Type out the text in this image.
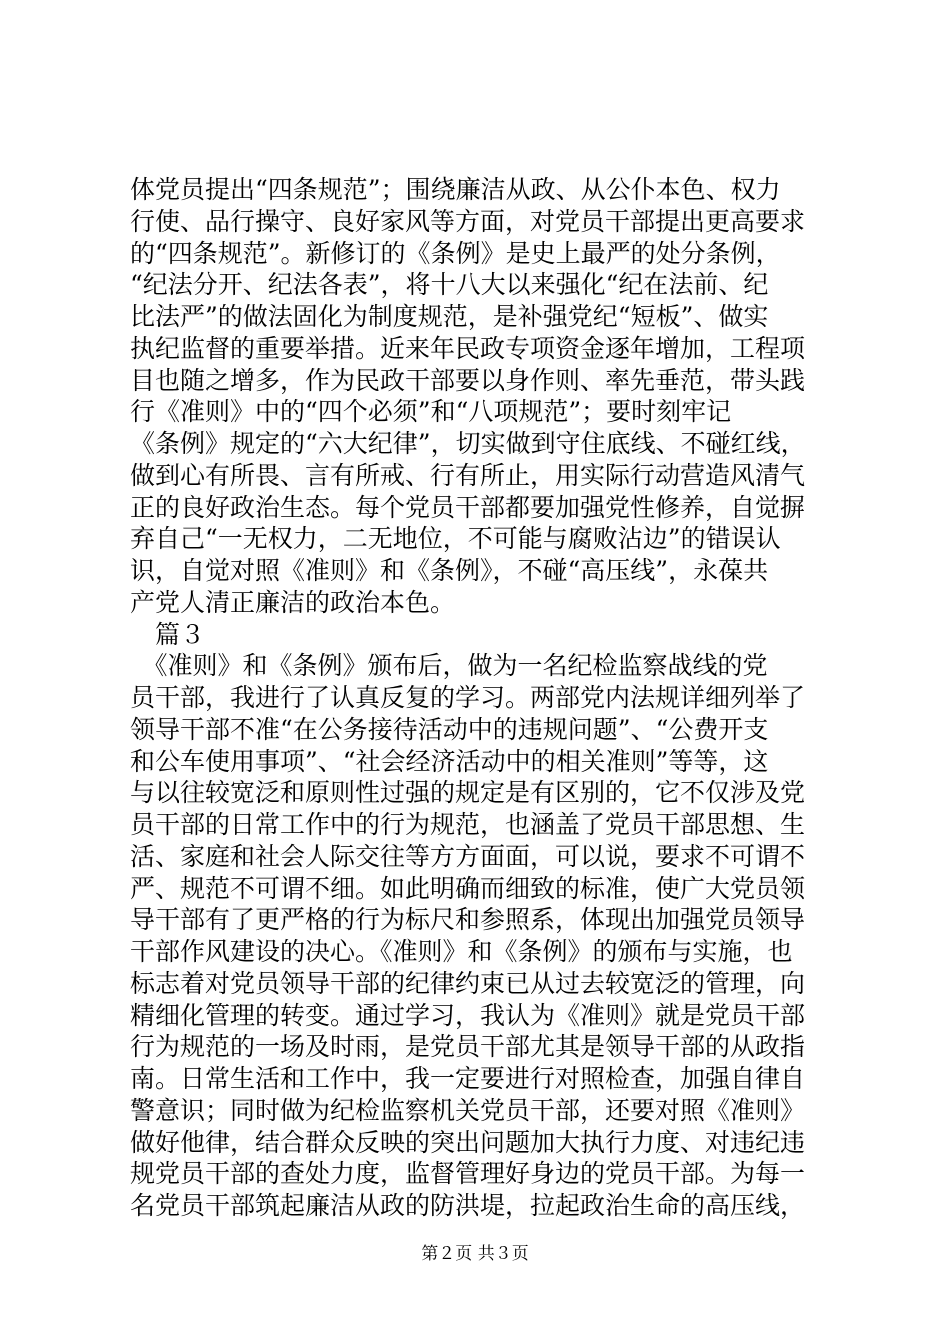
体党员提出“四条规范”；围绕廉洁从政、从公仆本色、权力
行使、品行操守、良好家风等方面，对党员干部提出更高要求
的“四条规范”。新修订的《条例》是史上最严的处分条例，
“纪法分开、纪法各表”，将十八大以来强化“纪在法前、纪
比法严”的做法固化为制度规范，是补强党纪“短板”、做实
执纪监督的重要举措。近来年民政专项资金逐年增加，工程项
目也随之增多，作为民政干部要以身作则、率先垂范，带头践
行《准则》中的“四个必须”和“八项规范”；要时刻牢记
《条例》规定的“六大纪律”，切实做到守住底线、不碰红线，
做到心有所畏、言有所戒、行有所止，用实际行动营造风清气
正的良好政治生态。每个党员干部都要加强党性修养，自觉摒
弃自己“一无权力，二无地位，不可能与腐败沾边”的错误认
识，自觉对照《准则》和《条例》，不碰“高压线”，永葆共
产党人清正廉洁的政治本色。
　篇３
　《准则》和《条例》颁布后，做为一名纪检监察战线的党
员干部，我进行了认真反复的学习。两部党内法规详细列举了
领导干部不准“在公务接待活动中的违规问题”、“公费开支
和公车使用事项”、“社会经济活动中的相关准则”等等，这
与以往较宽泛和原则性过强的规定是有区别的，它不仅涉及党
员干部的日常工作中的行为规范，也涵盖了党员干部思想、生
活、家庭和社会人际交往等方方面面，可以说，要求不可谓不
严、规范不可谓不细。如此明确而细致的标准，使广大党员领
导干部有了更严格的行为标尺和参照系，体现出加强党员领导
干部作风建设的决心。《准则》和《条例》的颁布与实施，也
标志着对党员领导干部的纪律约束已从过去较宽泛的管理，向
精细化管理的转变。通过学习，我认为《准则》就是党员干部
行为规范的一场及时雨，是党员干部尤其是领导干部的从政指
南。日常生活和工作中，我一定要进行对照检查，加强自律自
警意识；同时做为纪检监察机关党员干部，还要对照《准则》
做好他律，结合群众反映的突出问题加大执行力度、对违纪违
规党员干部的查处力度，监督管理好身边的党员干部。为每一
名党员干部筑起廉洁从政的防洪堤，拉起政治生命的高压线，
第２页 共３页
